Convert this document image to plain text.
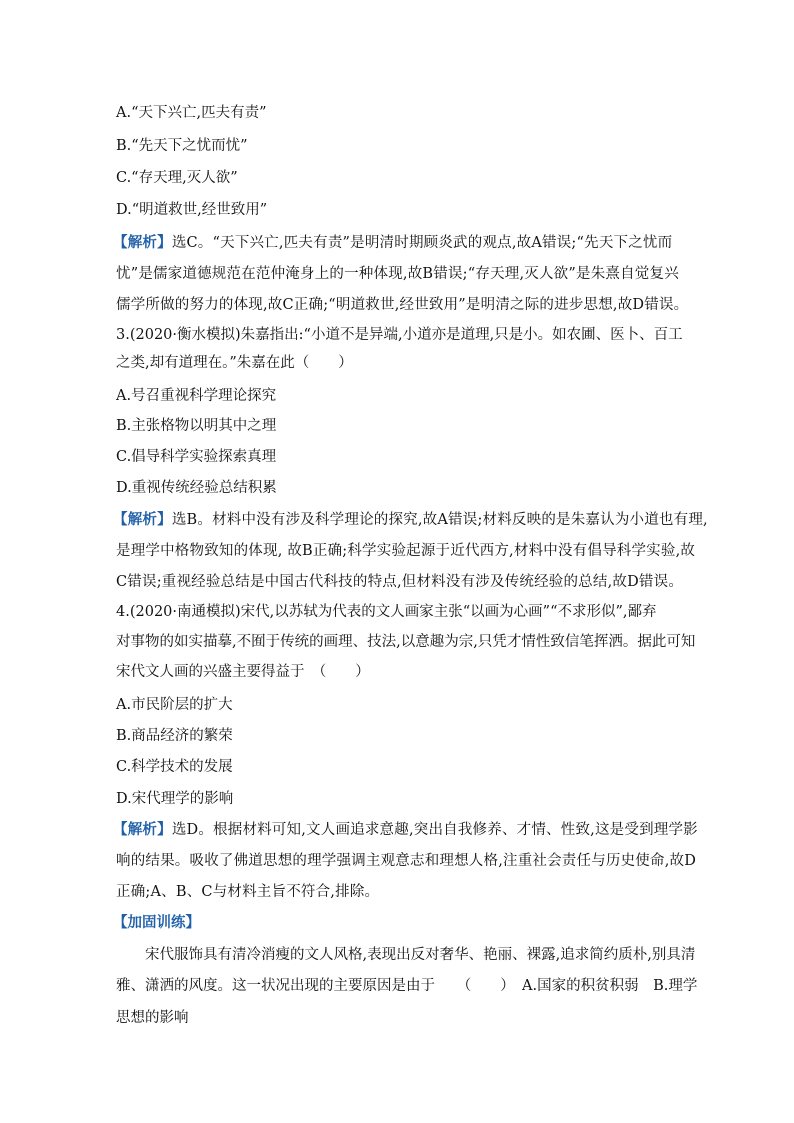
A.“天下兴亡,匹夫有责”
B.“先天下之忧而忧”
C.“存天理,灭人欲”
D.“明道救世,经世致用”
【解析】选C。“天下兴亡,匹夫有责”是明清时期顾炎武的观点,故A错误;“先天下之忧而
忧”是儒家道德规范在范仲淹身上的一种体现,故B错误;“存天理,灭人欲”是朱熹自觉复兴
儒学所做的努力的体现,故C正确;“明道救世,经世致用”是明清之际的进步思想,故D错误。
3.(2020·衡水模拟)朱嘉指出:“小道不是异端,小道亦是道理,只是小。如农圃、医卜、百工
之类,却有道理在。”朱嘉在此（　　）
A.号召重视科学理论探究
B.主张格物以明其中之理
C.倡导科学实验探索真理
D.重视传统经验总结积累
【解析】选B。材料中没有涉及科学理论的探究,故A错误;材料反映的是朱嘉认为小道也有理,
是理学中格物致知的体现, 故B正确;科学实验起源于近代西方,材料中没有倡导科学实验,故
C错误;重视经验总结是中国古代科技的特点,但材料没有涉及传统经验的总结,故D错误。
4.(2020·南通模拟)宋代,以苏轼为代表的文人画家主张“以画为心画”“不求形似”,鄙弃
对事物的如实描摹,不囿于传统的画理、技法,以意趣为宗,只凭才情性致信笔挥洒。据此可知
宋代文人画的兴盛主要得益于　（　　）
A.市民阶层的扩大
B.商品经济的繁荣
C.科学技术的发展
D.宋代理学的影响
【解析】选D。根据材料可知,文人画追求意趣,突出自我修养、才情、性致,这是受到理学影
响的结果。吸收了佛道思想的理学强调主观意志和理想人格,注重社会责任与历史使命,故D
正确;A、B、C与材料主旨不符合,排除。
【加固训练】
宋代服饰具有清冷消瘦的文人风格,表现出反对奢华、艳丽、裸露,追求简约质朴,别具清
雅、潇洒的风度。这一状况出现的主要原因是由于　　（　　）　A.国家的积贫积弱　B.理学
思想的影响
